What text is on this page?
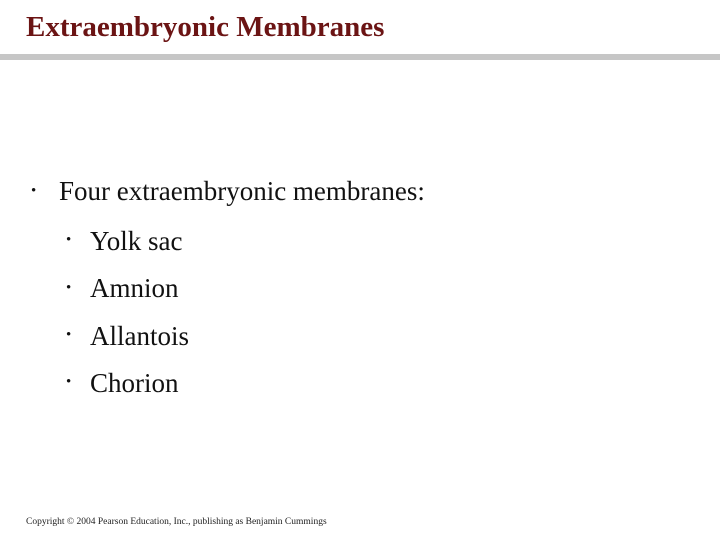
Extraembryonic Membranes
• Four extraembryonic membranes:
• Yolk sac
• Amnion
• Allantois
• Chorion
Copyright © 2004 Pearson Education, Inc., publishing as Benjamin Cummings
